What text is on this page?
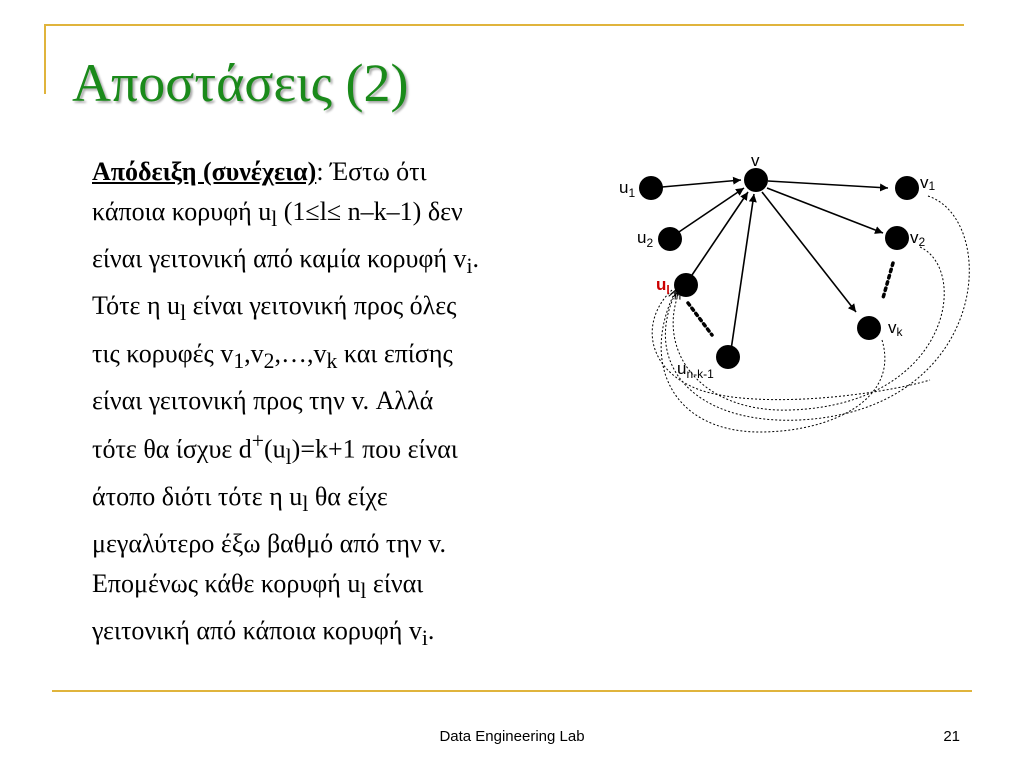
Αποστάσεις (2)
Απόδειξη (συνέχεια): Έστω ότι
κάποια κορυφή $u_l$ (1≤l≤ n–k–1) δεν
είναι γειτονική από καμία κορυφή $v_i$.
Τότε η $u_l$ είναι γειτονική προς όλες
τις κορυφές $v_1,v_2,\dots,v_k$ και επίσης
είναι γειτονική προς την v. Αλλά
τότε θα ίσχυε $d^+(u_l)=k+1$ που είναι
άτοπο διότι τότε η $u_l$ θα είχε
μεγαλύτερο έξω βαθμό από την v.
Επομένως κάθε κορυφή $u_l$ είναι
γειτονική από κάποια κορυφή $v_i$.
v
$u_1$
$u_2$
$u_l$
$u_{n-k-1}$
v1
v2
vk
Data Engineering Lab	21
